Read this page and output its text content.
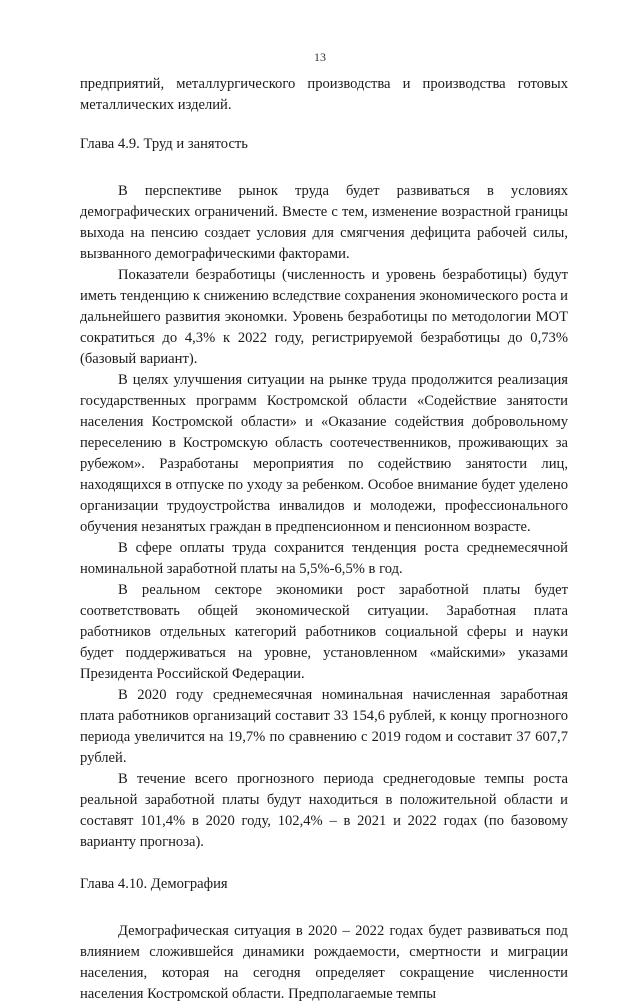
13

предприятий, металлургического производства и производства готовых металлических изделий.

Глава 4.9. Труд и занятость

В перспективе рынок труда будет развиваться в условиях демографических ограничений. Вместе с тем, изменение возрастной границы выхода на пенсию создает условия для смягчения дефицита рабочей силы, вызванного демографическими факторами.

Показатели безработицы (численность и уровень безработицы) будут иметь тенденцию к снижению вследствие сохранения экономического роста и дальнейшего развития экономки. Уровень безработицы по методологии МОТ сократиться до 4,3% к 2022 году, регистрируемой безработицы до 0,73% (базовый вариант).

В целях улучшения ситуации на рынке труда продолжится реализация государственных программ Костромской области «Содействие занятости населения Костромской области» и «Оказание содействия добровольному переселению в Костромскую область соотечественников, проживающих за рубежом». Разработаны мероприятия по содействию занятости лиц, находящихся в отпуске по уходу за ребенком. Особое внимание будет уделено организации трудоустройства инвалидов и молодежи, профессионального обучения незанятых граждан в предпенсионном и пенсионном возрасте.

В сфере оплаты труда сохранится тенденция роста среднемесячной номинальной заработной платы на 5,5%-6,5% в год.

В реальном секторе экономики рост заработной платы будет соответствовать общей экономической ситуации. Заработная плата работников отдельных категорий работников социальной сферы и науки будет поддерживаться на уровне, установленном «майскими» указами Президента Российской Федерации.

В 2020 году среднемесячная номинальная начисленная заработная плата работников организаций составит 33 154,6 рублей, к концу прогнозного периода увеличится на 19,7% по сравнению с 2019 годом и составит 37 607,7 рублей.

В течение всего прогнозного периода среднегодовые темпы роста реальной заработной платы будут находиться в положительной области и составят 101,4% в 2020 году, 102,4% – в 2021 и 2022 годах (по базовому варианту прогноза).

Глава 4.10. Демография

Демографическая ситуация в 2020 – 2022 годах будет развиваться под влиянием сложившейся динамики рождаемости, смертности и миграции населения, которая на сегодня определяет сокращение численности населения Костромской области. Предполагаемые темпы
